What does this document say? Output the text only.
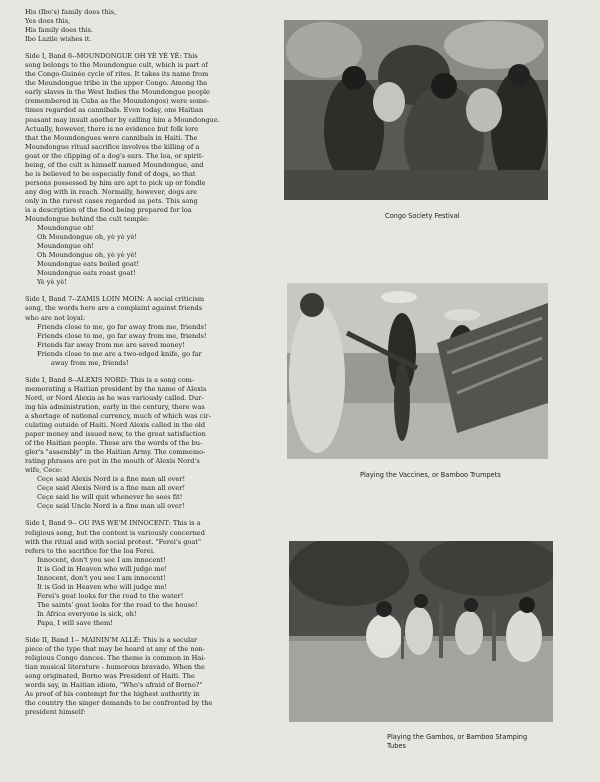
His (Ibo's) family does this,
Yes does this,
His family does this.
Ibo Lazile wishes it.
Side I, Band 6--MOUNDONGUE OH YÈ YÈ YÈ: This
song belongs to the Moundongue cult, which is part of
the Congo-Guinée cycle of rites. It takes its name from
the Moundongue tribe in the upper Congo. Among the
early slaves in the West Indies the Moundongue people
(remembered in Cuba as the Moundongos) were some-
times regarded as cannibals. Even today, one Haitian
peasant may insult another by calling him a Moundongue.
Actually, however, there is no evidence but folk lore
that the Moundongues were cannibals in Haiti. The
Moundongue ritual sacrifice involves the killing of a
goat or the clipping of a dog's ears. The loa, or spirit-
being, of the cult is himself named Moundongue, and
he is believed to be especially fond of dogs, so that
persons possessed by him are apt to pick up or fondle
any dog with in reach. Normally, however, dogs are
only in the rarest cases regarded as pets. This song
is a description of the food being prepared for loa
Moundongue behind the cult temple:
Moundongue oh!
Oh Moundongue oh, yè yè yè!
Moundongue oh!
Oh Moundongue oh, yè yè yè!
Moundongue eats boiled goat!
Moundongue eats roast goat!
Yè yè yè!
Side I, Band 7--ZAMIS LOIN MOIN: A social criticism
song, the words here are a complaint against friends
who are not loyal:
Friends close to me, go far away from me, friends!
Friends close to me, go far away from me, friends!
Friends far away from me are saved money!
Friends close to me are a two-edged knife, go far
away from me, friends!
Side I, Band 8--ALEXIS NORD: This is a song com-
memorating a Haitian president by the name of Alexis
Nord, or Nord Alexia as he was variously called. Dur-
ing his administration, early in the century, there was
a shortage of national currency, much of which was cir-
culating outside of Haiti. Nord Alexis called in the old
paper money and issued new, to the great satisfaction
of the Haitian people. These are the words of the bu-
gler's "assembly" in the Haitian Army. The commemo-
rating phrases are put in the mouth of Alexis Nord's
wife, Cece:
Cec̨e said Alexis Nord is a fine man all over!
Cec̨e said Alexis Nord is a fine man all over!
Cec̨e said he will quit whenever he sees fit!
Cec̨e said Uncle Nord is a fine man all over!
Side I, Band 9-- OU PAS WE'M INNOCENT: This is a
religious song, but the content is variously concerned
with the ritual and with social protest. "Ferei's goat"
refers to the sacrifice for the loa Ferei.
Innocent, don't you see I am innocent!
It is God in Heaven who will judge me!
Innocent, don't you see I am innocent!
It is God in Heaven who will judge me!
Ferei's goat looks for the road to the water!
The saints' goat looks for the road to the house!
In Africa everyone is sick, oh!
Papa, I will save them!
Side II, Band 1-- MAININ'M ALLÉ: This is a secular
piece of the type that may be heard at any of the non-
religious Congo dances. The theme is common in Hai-
tian musical literature - humorous bravado. When the
song originated, Borno was President of Haiti. The
words say, in Haitian idiom, "Who's afraid of Borno?"
As proof of his contempt for the highest authority in
the country the singer demands to be confronted by the
president himself:
Congo Society Festival
Playing the Vaccines, or Bamboo Trumpets
Playing the Gambos, or Bamboo Stamping
Tubes
